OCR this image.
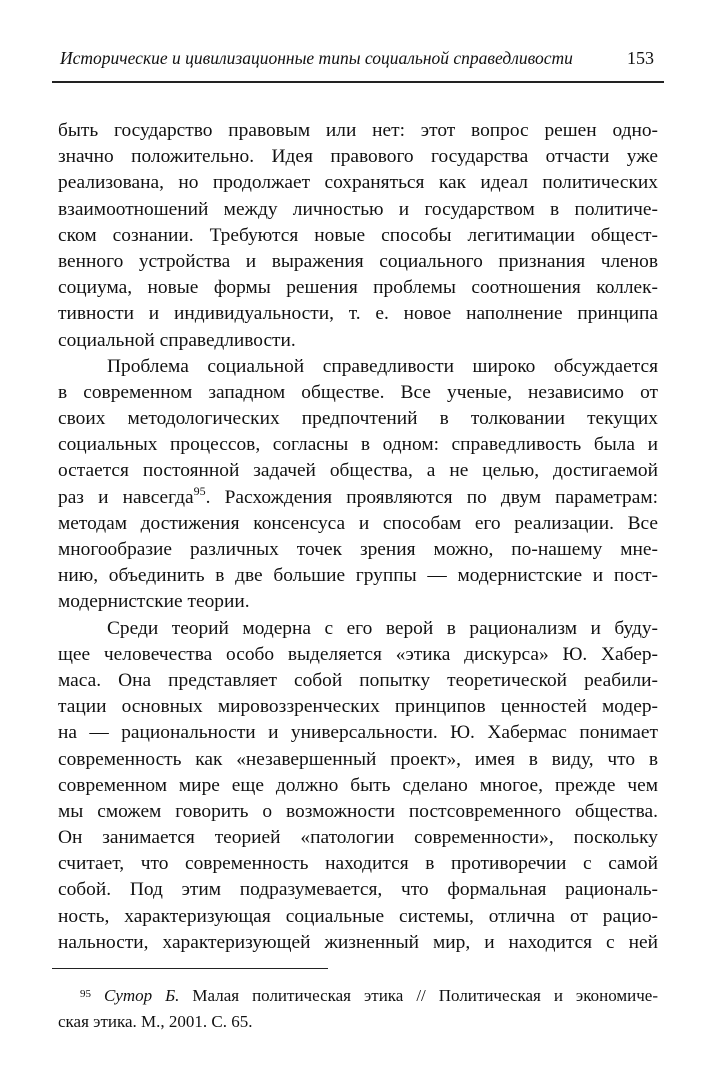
Исторические и цивилизационные типы социальной справедливости	153
быть государство правовым или нет: этот вопрос решен одно-
значно положительно. Идея правового государства отчасти уже
реализована, но продолжает сохраняться как идеал политических
взаимоотношений между личностью и государством в политиче-
ском сознании. Требуются новые способы легитимации общест-
венного устройства и выражения социального признания членов
социума, новые формы решения проблемы соотношения коллек-
тивности и индивидуальности, т. е. новое наполнение принципа
социальной справедливости.
Проблема социальной справедливости широко обсуждается
в современном западном обществе. Все ученые, независимо от
своих методологических предпочтений в толковании текущих
социальных процессов, согласны в одном: справедливость была и
остается постоянной задачей общества, а не целью, достигаемой
раз и навсегда$^{95}$. Расхождения проявляются по двум параметрам:
методам достижения консенсуса и способам его реализации. Все
многообразие различных точек зрения можно, по-нашему мне-
нию, объединить в две большие группы — модернистские и пост-
модернистские теории.
Среди теорий модерна с его верой в рационализм и буду-
щее человечества особо выделяется «этика дискурса» Ю. Хабер-
маса. Она представляет собой попытку теоретической реабили-
тации основных мировоззренческих принципов ценностей модер-
на — рациональности и универсальности. Ю. Хабермас понимает
современность как «незавершенный проект», имея в виду, что в
современном мире еще должно быть сделано многое, прежде чем
мы сможем говорить о возможности постсовременного общества.
Он занимается теорией «патологии современности», поскольку
считает, что современность находится в противоречии с самой
собой. Под этим подразумевается, что формальная рациональ-
ность, характеризующая социальные системы, отлична от рацио-
нальности, характеризующей жизненный мир, и находится с ней
$^{95}$ Сутор Б. Малая политическая этика // Политическая и экономиче-
ская этика. М., 2001. С. 65.
